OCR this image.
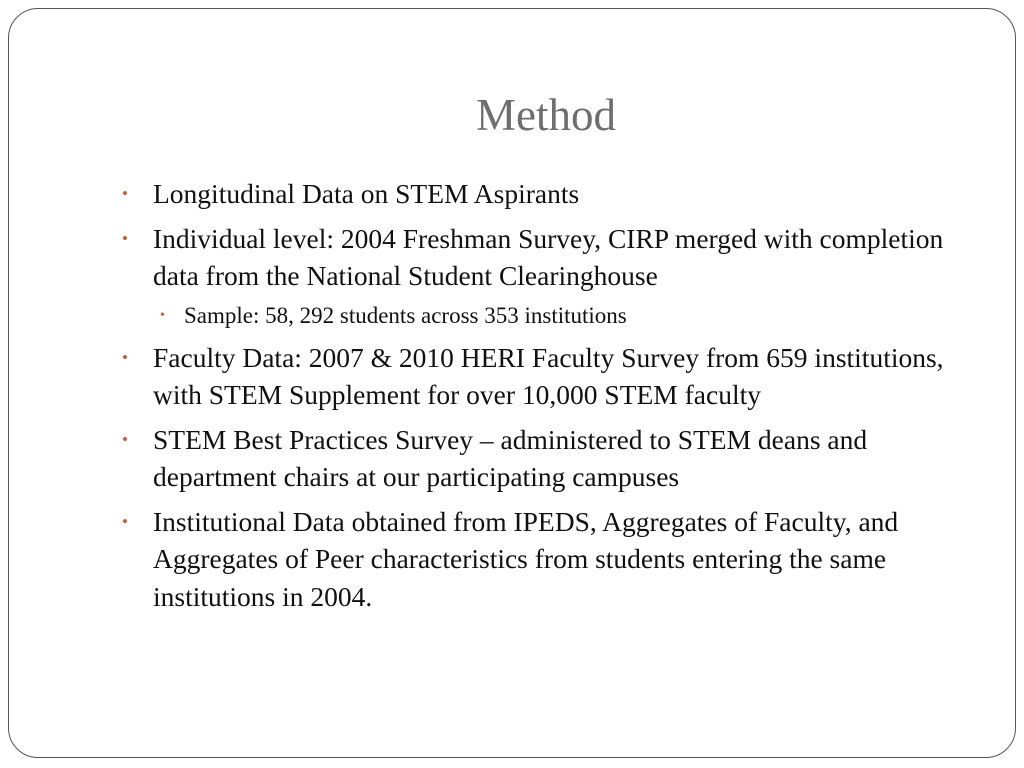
Method
• Longitudinal Data on STEM Aspirants
• Individual level: 2004 Freshman Survey, CIRP merged with completion data from the National Student Clearinghouse
• Sample: 58, 292 students across 353 institutions
• Faculty Data: 2007 & 2010 HERI Faculty Survey from 659 institutions, with STEM Supplement for over 10,000 STEM faculty
• STEM Best Practices Survey – administered to STEM deans and department chairs at our participating campuses
• Institutional Data obtained from IPEDS, Aggregates of Faculty, and Aggregates of Peer characteristics from students entering the same institutions in 2004.
